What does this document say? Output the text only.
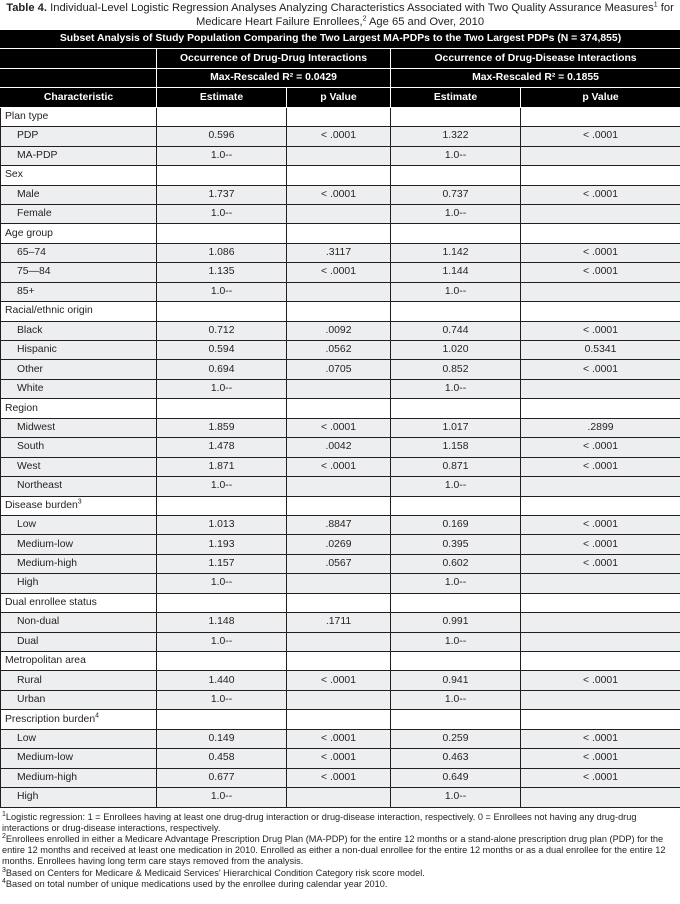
Table 4. Individual-Level Logistic Regression Analyses Analyzing Characteristics Associated with Two Quality Assurance Measures$^1$ for Medicare Heart Failure Enrollees,$^2$ Age 65 and Over, 2010
Subset Analysis of Study Population Comparing the Two Largest MA-PDPs to the Two Largest PDPs (N = 374,855)				
	Occurrence of Drug-Drug Interactions		Occurrence of Drug-Disease Interactions	
	Max-Rescaled R² = 0.0429		Max-Rescaled R² = 0.1855	
Characteristic	Estimate	p Value	Estimate	p Value
Plan type				
PDP	0.596	< .0001	1.322	< .0001
MA-PDP	1.0--		1.0--	
Sex				
Male	1.737	< .0001	0.737	< .0001
Female	1.0--		1.0--	
Age group				
65–74	1.086	.3117	1.142	< .0001
75—84	1.135	< .0001	1.144	< .0001
85+	1.0--		1.0--	
Racial/ethnic origin				
Black	0.712	.0092	0.744	< .0001
Hispanic	0.594	.0562	1.020	0.5341
Other	0.694	.0705	0.852	< .0001
White	1.0--		1.0--	
Region				
Midwest	1.859	< .0001	1.017	.2899
South	1.478	.0042	1.158	< .0001
West	1.871	< .0001	0.871	< .0001
Northeast	1.0--		1.0--	
Disease burden$^3$				
Low	1.013	.8847	0.169	< .0001
Medium-low	1.193	.0269	0.395	< .0001
Medium-high	1.157	.0567	0.602	< .0001
High	1.0--		1.0--	
Dual enrollee status				
Non-dual	1.148	.1711	0.991	
Dual	1.0--		1.0--	
Metropolitan area				
Rural	1.440	< .0001	0.941	< .0001
Urban	1.0--		1.0--	
Prescription burden$^4$				
Low	0.149	< .0001	0.259	< .0001
Medium-low	0.458	< .0001	0.463	< .0001
Medium-high	0.677	< .0001	0.649	< .0001
High	1.0--		1.0--	

$^1$Logistic regression: 1 = Enrollees having at least one drug-drug interaction or drug-disease interaction, respectively. 0 = Enrollees not having any drug-drug interactions or drug-disease interactions, respectively.

$^2$Enrollees enrolled in either a Medicare Advantage Prescription Drug Plan (MA-PDP) for the entire 12 months or a stand-alone prescription drug plan (PDP) for the entire 12 months and received at least one medication in 2010. Enrolled as either a non-dual enrollee for the entire 12 months or as a dual enrollee for the entire 12 months. Enrollees having long term care stays removed from the analysis.

$^3$Based on Centers for Medicare & Medicaid Services' Hierarchical Condition Category risk score model.

$^4$Based on total number of unique medications used by the enrollee during calendar year 2010.
